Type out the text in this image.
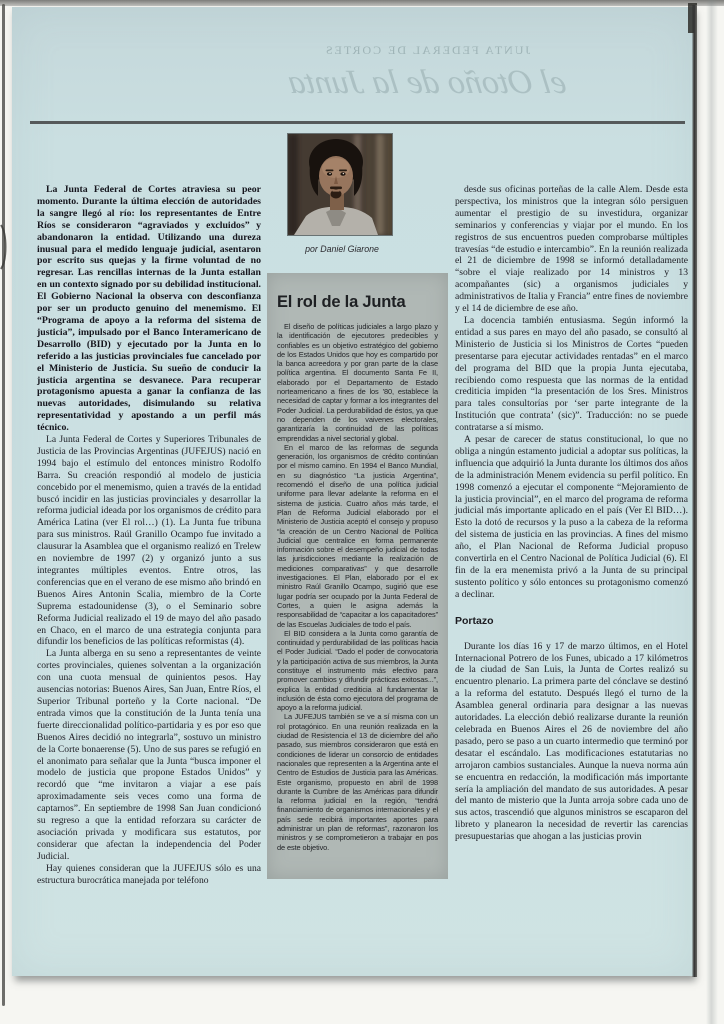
JUNTA FEDERAL DE CORTES
el Otoño de la Junta

La Junta Federal de Cortes atraviesa su peor momento. Durante la última elección de autoridades la sangre llegó al río: los representantes de Entre Ríos se consideraron “agraviados y excluidos” y abandonaron la entidad. Utilizando una dureza inusual para el medido lenguaje judicial, asentaron por escrito sus quejas y la firme voluntad de no regresar. Las rencillas internas de la Junta estallan en un contexto signado por su debilidad institucional. El Gobierno Nacional la observa con desconfianza por ser un producto genuino del menemismo. El “Programa de apoyo a la reforma del sistema de justicia”, impulsado por el Banco Interamericano de Desarrollo (BID) y ejecutado por la Junta en lo referido a las justicias provinciales fue cancelado por el Ministerio de Justicia. Su sueño de conducir la justicia argentina se desvanece. Para recuperar protagonismo apuesta a ganar la confianza de las nuevas autoridades, disimulando su relativa representatividad y apostando a un perfil más técnico.

La Junta Federal de Cortes y Superiores Tribunales de Justicia de las Provincias Argentinas (JUFEJUS) nació en 1994 bajo el estímulo del entonces ministro Rodolfo Barra. Su creación respondió al modelo de justicia concebido por el menemismo, quien a través de la entidad buscó incidir en las justicias provinciales y desarrollar la reforma judicial ideada por los organismos de crédito para América Latina (ver El rol…) (1). La Junta fue tribuna para sus ministros. Raúl Granillo Ocampo fue invitado a clausurar la Asamblea que el organismo realizó en Trelew en noviembre de 1997 (2) y organizó junto a sus integrantes múltiples eventos. Entre otros, las conferencias que en el verano de ese mismo año brindó en Buenos Aires Antonin Scalia, miembro de la Corte Suprema estadounidense (3), o el Seminario sobre Reforma Judicial realizado el 19 de mayo del año pasado en Chaco, en el marco de una estrategia conjunta para difundir los beneficios de las políticas reformistas (4).

La Junta alberga en su seno a representantes de veinte cortes provinciales, quienes solventan a la organización con una cuota mensual de quinientos pesos. Hay ausencias notorias: Buenos Aires, San Juan, Entre Ríos, el Superior Tribunal porteño y la Corte nacional. “De entrada vimos que la constitución de la Junta tenía una fuerte direccionalidad político-partidaria y es por eso que Buenos Aires decidió no integrarla”, sostuvo un ministro de la Corte bonaerense (5). Uno de sus pares se refugió en el anonimato para señalar que la Junta “busca imponer el modelo de justicia que propone Estados Unidos” y recordó que “me invitaron a viajar a ese país aproximadamente seis veces como una forma de captarnos”. En septiembre de 1998 San Juan condicionó su regreso a que la entidad reforzara su carácter de asociación privada y modificara sus estatutos, por considerar que afectan la independencia del Poder Judicial.

Hay quienes consideran que la JUFEJUS sólo es una estructura burocrática manejada por teléfono

por Daniel Giarone
El rol de la Junta

El diseño de políticas judiciales a largo plazo y la identificación de ejecutores predecibles y confiables es un objetivo estratégico del gobierno de los Estados Unidos que hoy es compartido por la banca acreedora y por gran parte de la clase política argentina. El documento Santa Fe II, elaborado por el Departamento de Estado norteamericano a fines de los ’80, establece la necesidad de captar y formar a los integrantes del Poder Judicial. La perdurabilidad de éstos, ya que no dependen de los vaivenes electorales, garantizaría la continuidad de las políticas emprendidas a nivel sectorial y global.

En el marco de las reformas de segunda generación, los organismos de crédito continúan por el mismo camino. En 1994 el Banco Mundial, en su diagnóstico “La justicia Argentina”, recomendó el diseño de una política judicial uniforme para llevar adelante la reforma en el sistema de justicia. Cuatro años más tarde, el Plan de Reforma Judicial elaborado por el Ministerio de Justicia aceptó el consejo y propuso “la creación de un Centro Nacional de Política Judicial que centralice en forma permanente información sobre el desempeño judicial de todas las jurisdicciones mediante la realización de mediciones comparativas” y que desarrolle investigaciones. El Plan, elaborado por el ex ministro Raúl Granillo Ocampo, sugirió que ese lugar podría ser ocupado por la Junta Federal de Cortes, a quien le asigna además la responsabilidad de “capacitar a los capacitadores” de las Escuelas Judiciales de todo el país.

El BID considera a la Junta como garantía de continuidad y perdurabilidad de las políticas hacia el Poder Judicial. “Dado el poder de convocatoria y la participación activa de sus miembros, la Junta constituye el instrumento más efectivo para promover cambios y difundir prácticas exitosas...”, explica la entidad crediticia al fundamentar la inclusión de ésta como ejecutora del programa de apoyo a la reforma judicial.

La JUFEJUS también se ve a sí misma con un rol protagónico. En una reunión realizada en la ciudad de Resistencia el 13 de diciembre del año pasado, sus miembros consideraron que está en condiciones de liderar un consorcio de entidades nacionales que representen a la Argentina ante el Centro de Estudios de Justicia para las Américas. Este organismo, propuesto en abril de 1998 durante la Cumbre de las Américas para difundir la reforma judicial en la región, “tendrá financiamiento de organismos internacionales y el país sede recibirá importantes aportes para administrar un plan de reformas”, razonaron los ministros y se comprometieron a trabajar en pos de este objetivo.

desde sus oficinas porteñas de la calle Alem. Desde esta perspectiva, los ministros que la integran sólo persiguen aumentar el prestigio de su investidura, organizar seminarios y conferencias y viajar por el mundo. En los registros de sus encuentros pueden comprobarse múltiples travesías “de estudio e intercambio”. En la reunión realizada el 21 de diciembre de 1998 se informó detalladamente “sobre el viaje realizado por 14 ministros y 13 acompañantes (sic) a organismos judiciales y administrativos de Italia y Francia” entre fines de noviembre y el 14 de diciembre de ese año.

La docencia también entusiasma. Según informó la entidad a sus pares en mayo del año pasado, se consultó al Ministerio de Justicia si los Ministros de Cortes “pueden presentarse para ejecutar actividades rentadas” en el marco del programa del BID que la propia Junta ejecutaba, recibiendo como respuesta que las normas de la entidad crediticia impiden “la presentación de los Sres. Ministros para tales consultorías por ‘ser parte integrante de la Institución que contrata’ (sic)”. Traducción: no se puede contratarse a sí mismo.

A pesar de carecer de status constitucional, lo que no obliga a ningún estamento judicial a adoptar sus políticas, la influencia que adquirió la Junta durante los últimos dos años de la administración Menem evidencia su perfil político. En 1998 comenzó a ejecutar el componente “Mejoramiento de la justicia provincial”, en el marco del programa de reforma judicial más importante aplicado en el país (Ver El BID…). Esto la dotó de recursos y la puso a la cabeza de la reforma del sistema de justicia en las provincias. A fines del mismo año, el Plan Nacional de Reforma Judicial propuso convertirla en el Centro Nacional de Política Judicial (6). El fin de la era menemista privó a la Junta de su principal sustento político y sólo entonces su protagonismo comenzó a declinar.

Portazo

Durante los días 16 y 17 de marzo últimos, en el Hotel Internacional Potrero de los Funes, ubicado a 17 kilómetros de la ciudad de San Luis, la Junta de Cortes realizó su encuentro plenario. La primera parte del cónclave se destinó a la reforma del estatuto. Después llegó el turno de la Asamblea general ordinaria para designar a las nuevas autoridades. La elección debió realizarse durante la reunión celebrada en Buenos Aires el 26 de noviembre del año pasado, pero se paso a un cuarto intermedio que terminó por desatar el escándalo. Las modificaciones estatutarias no arrojaron cambios sustanciales. Aunque la nueva norma aún se encuentra en redacción, la modificación más importante sería la ampliación del mandato de sus autoridades. A pesar del manto de misterio que la Junta arroja sobre cada uno de sus actos, trascendió que algunos ministros se escaparon del libreto y planearon la necesidad de revertir las carencias presupuestarias que ahogan a las justicias provin
